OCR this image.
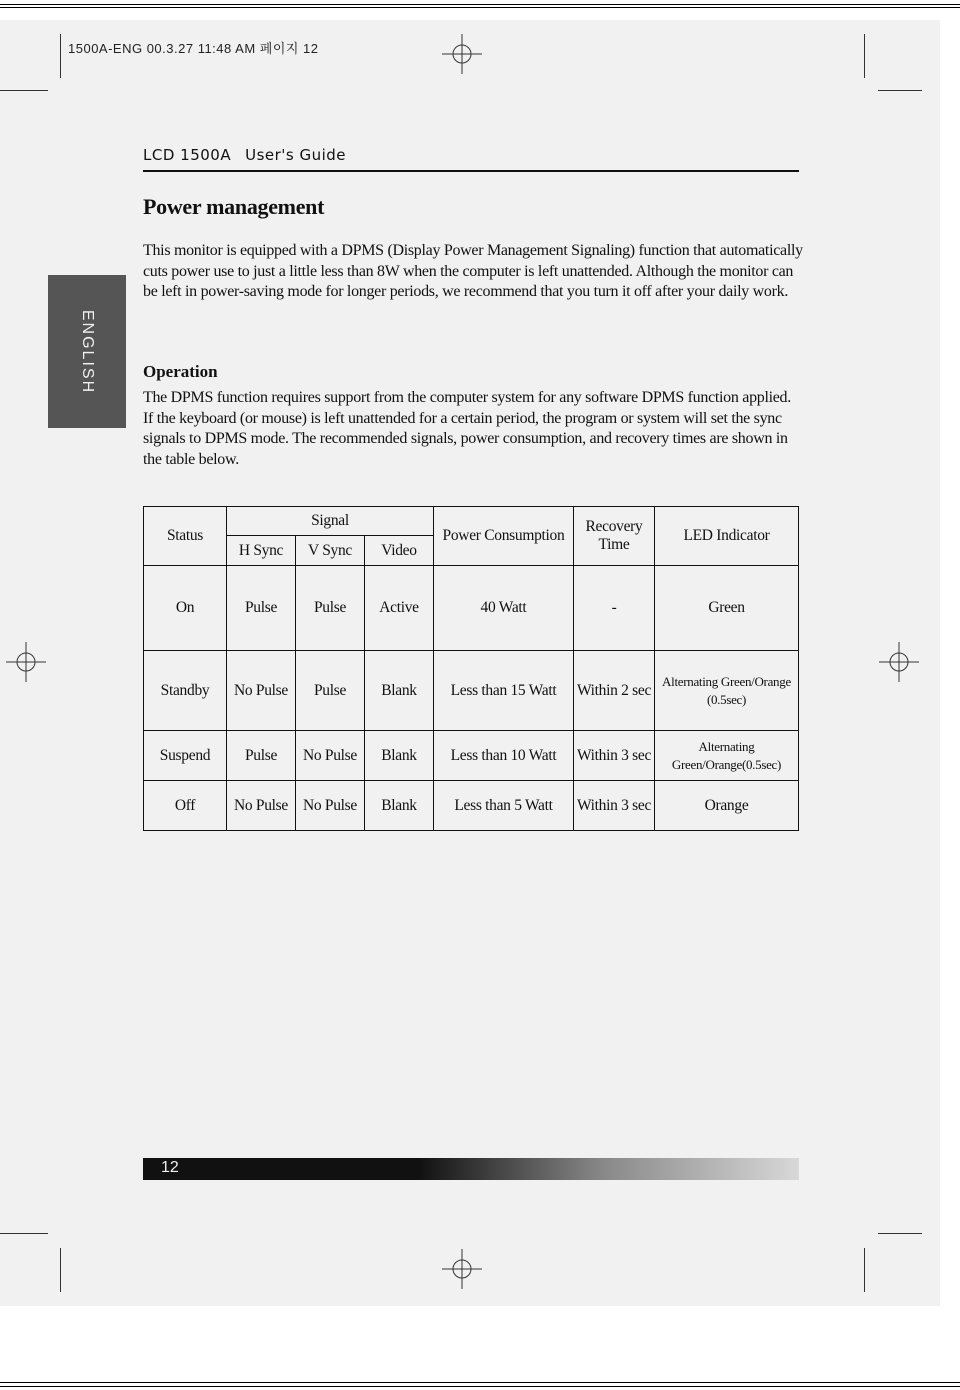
1500A-ENG 00.3.27 11:48 AM 페이지 12
LCD 1500A User's Guide
ENGLISH
Power management

This monitor is equipped with a DPMS (Display Power Management Signaling) function that automatically cuts power use to just a little less than 8W when the computer is left unattended. Although the monitor can be left in power-saving mode for longer periods, we recommend that you turn it off after your daily work.

Operation

The DPMS function requires support from the computer system for any software DPMS function applied. If the keyboard (or mouse) is left unattended for a certain period, the program or system will set the sync signals to DPMS mode. The recommended signals, power consumption, and recovery times are shown in the table below.

Status	Signal			Power Consumption	Recovery Time	LED Indicator
	H Sync	V Sync	Video			
On	Pulse	Pulse	Active	40 Watt	-	Green
Standby	No Pulse	Pulse	Blank	Less than 15 Watt	Within 2 sec	Alternating Green/Orange (0.5sec)
Suspend	Pulse	No Pulse	Blank	Less than 10 Watt	Within 3 sec	Alternating Green/Orange(0.5sec)
Off	No Pulse	No Pulse	Blank	Less than 5 Watt	Within 3 sec	Orange
12
